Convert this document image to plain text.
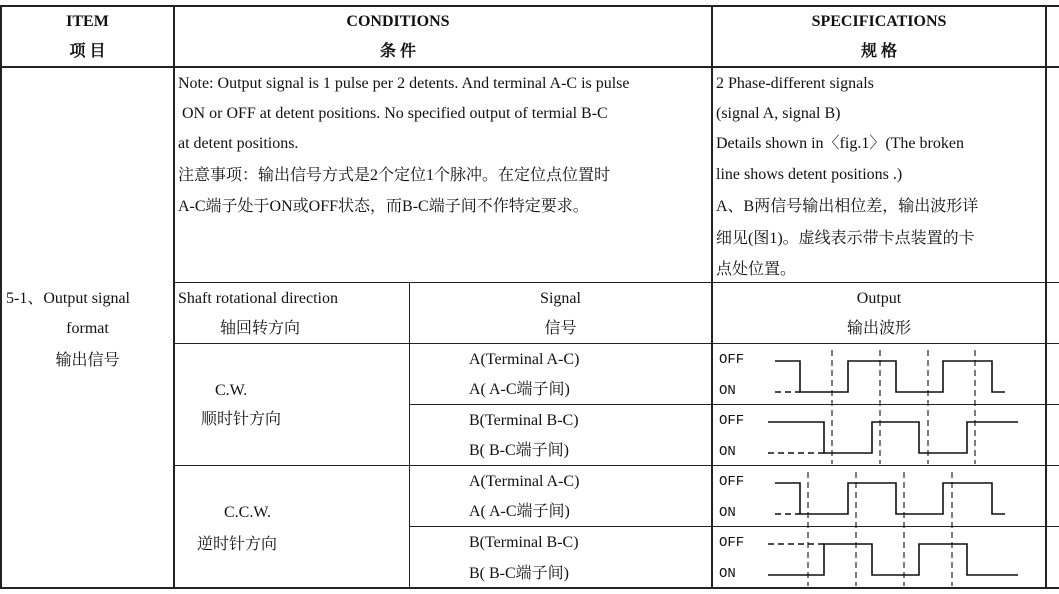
ITEM
项 目
CONDITIONS
条 件
SPECIFICATIONS
规 格
5-1、Output signal
format
输出信号
Note: Output signal is 1 pulse per 2 detents. And terminal A-C is pulse
ON or OFF at detent positions. No specified output of termial B-C
at detent positions.
注意事项：输出信号方式是2个定位1个脉冲。在定位点位置时
A-C端子处于ON或OFF状态，而B-C端子间不作特定要求。
2 Phase-different signals
(signal A, signal B)
Details shown in〈fig.1〉(The broken
line shows detent positions .)
A、B两信号输出相位差，输出波形详
细见(图1)。虚线表示带卡点装置的卡
点处位置。
Shaft rotational direction
轴回转方向
Signal
信号
Output
输出波形
C.W.
顺时针方向
A(Terminal A-C)
A( A-C端子间)
B(Terminal B-C)
B( B-C端子间)
OFF
ON
OFF
ON
C.C.W.
逆时针方向
A(Terminal A-C)
A( A-C端子间)
B(Terminal B-C)
B( B-C端子间)
OFF
ON
OFF
ON
